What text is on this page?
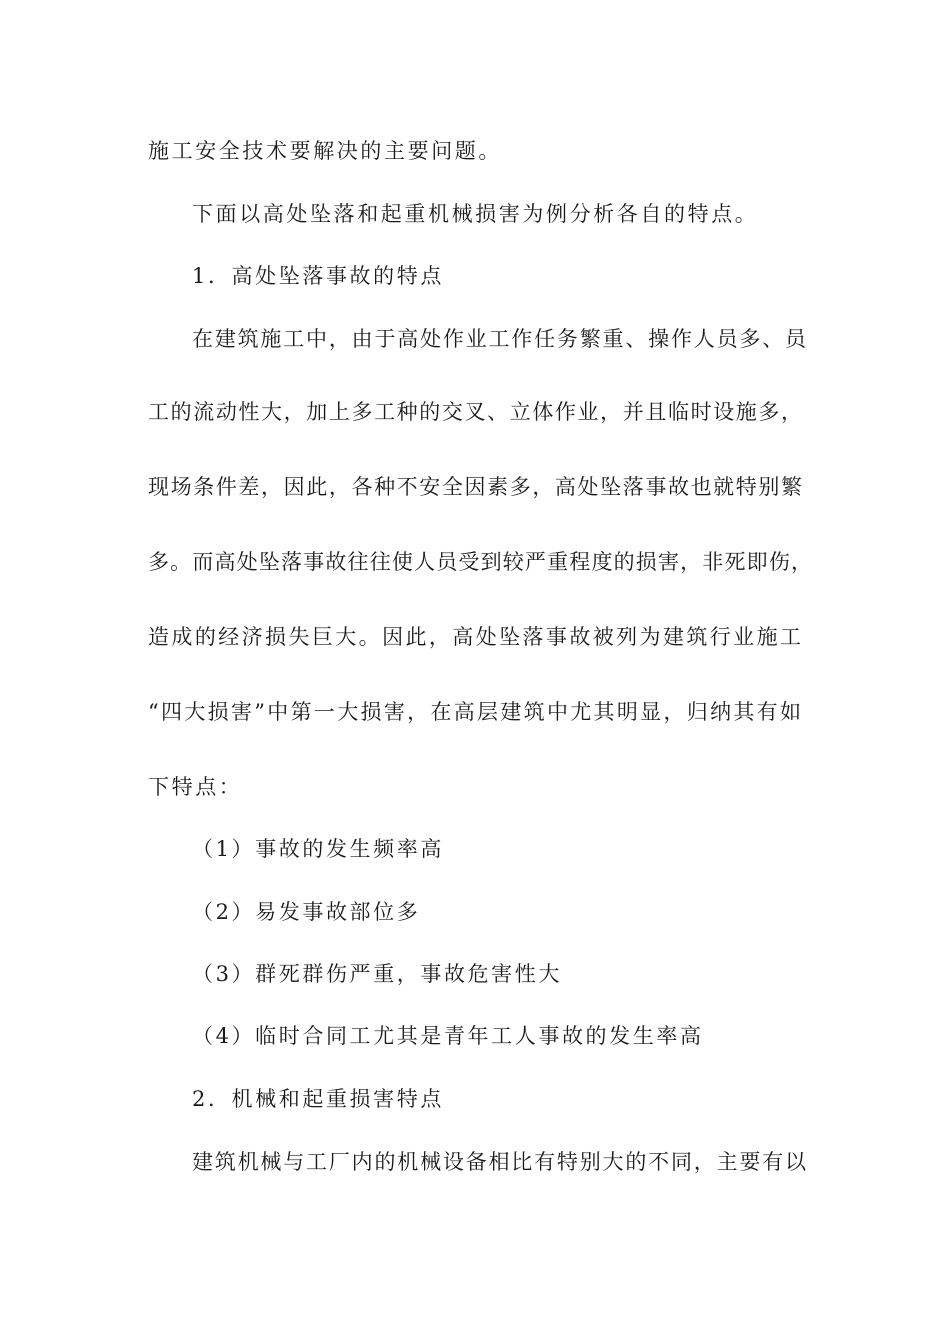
施工安全技术要解决的主要问题。
下面以高处坠落和起重机械损害为例分析各自的特点。
1．高处坠落事故的特点
在建筑施工中，由于高处作业工作任务繁重、操作人员多、员
工的流动性大，加上多工种的交叉、立体作业，并且临时设施多，
现场条件差，因此，各种不安全因素多，高处坠落事故也就特别繁
多。而高处坠落事故往往使人员受到较严重程度的损害，非死即伤，
造成的经济损失巨大。因此，高处坠落事故被列为建筑行业施工
“四大损害”中第一大损害，在高层建筑中尤其明显，归纳其有如
下特点：
（1）事故的发生频率高
（2）易发事故部位多
（3）群死群伤严重，事故危害性大
（4）临时合同工尤其是青年工人事故的发生率高
2．机械和起重损害特点
建筑机械与工厂内的机械设备相比有特别大的不同，主要有以
